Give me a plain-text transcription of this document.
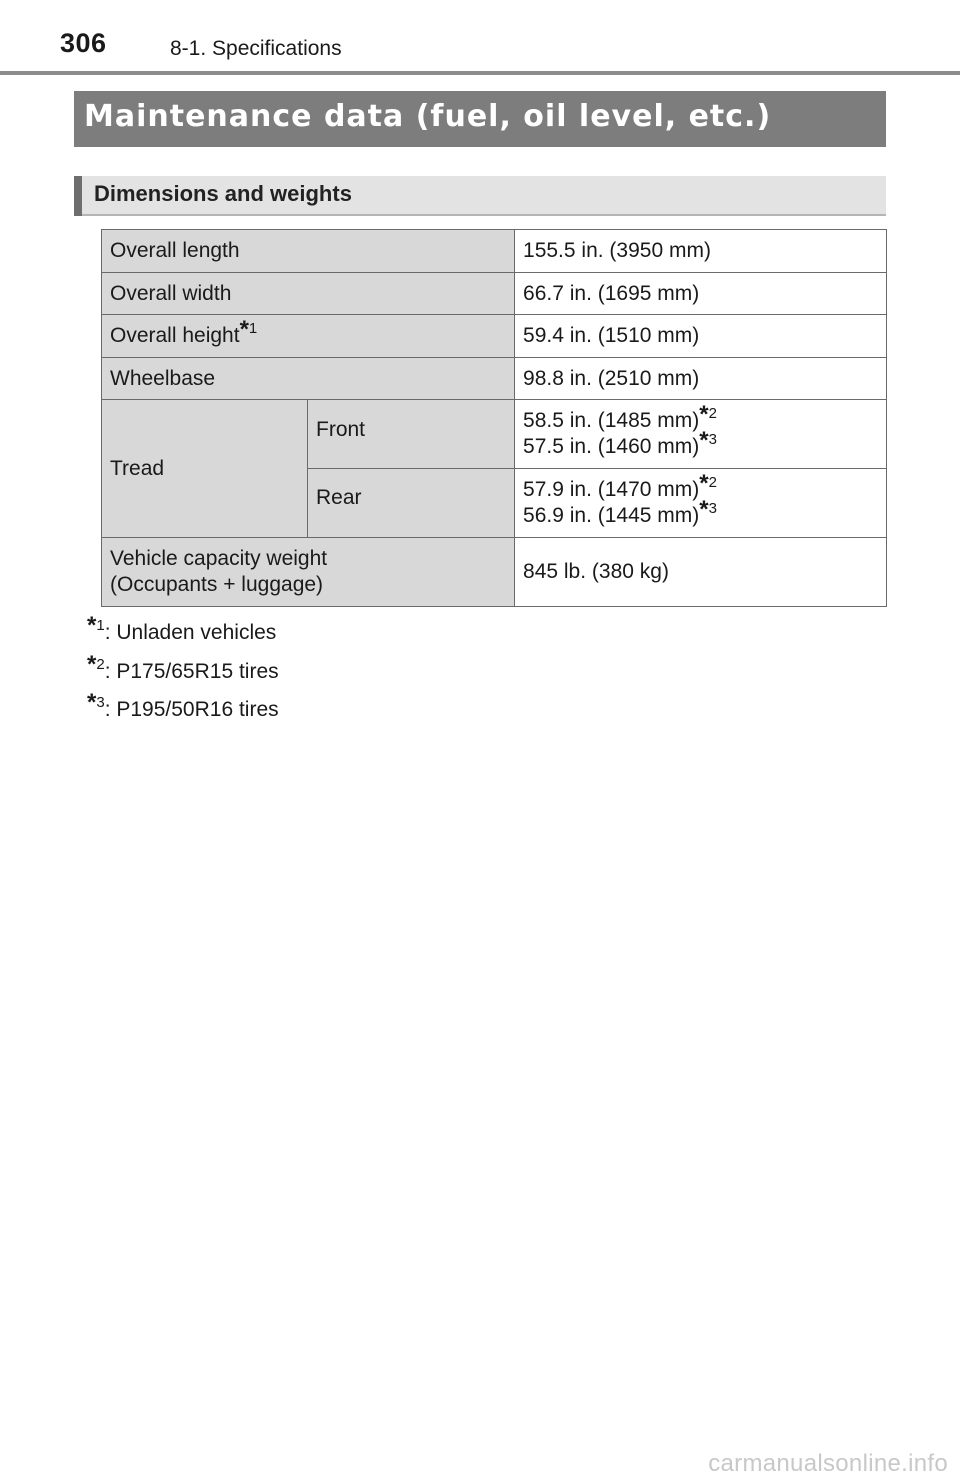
306	8-1. Specifications
Maintenance data (fuel, oil level, etc.)
Dimensions and weights
Overall length		155.5 in. (3950 mm)
Overall width		66.7 in. (1695 mm)
Overall height*$^1$		59.4 in. (1510 mm)
Wheelbase		98.8 in. (2510 mm)
Tread	Front	58.5 in. (1485 mm)*$^2$
57.5 in. (1460 mm)*$^3$

	Rear	57.9 in. (1470 mm)*$^2$
56.9 in. (1445 mm)*$^3$

Vehicle capacity weight
(Occupants + luggage)		845 lb. (380 kg)
*$^1$: Unladen vehicles
*$^2$: P175/65R15 tires
*$^3$: P195/50R16 tires
carmanualsonline.info
